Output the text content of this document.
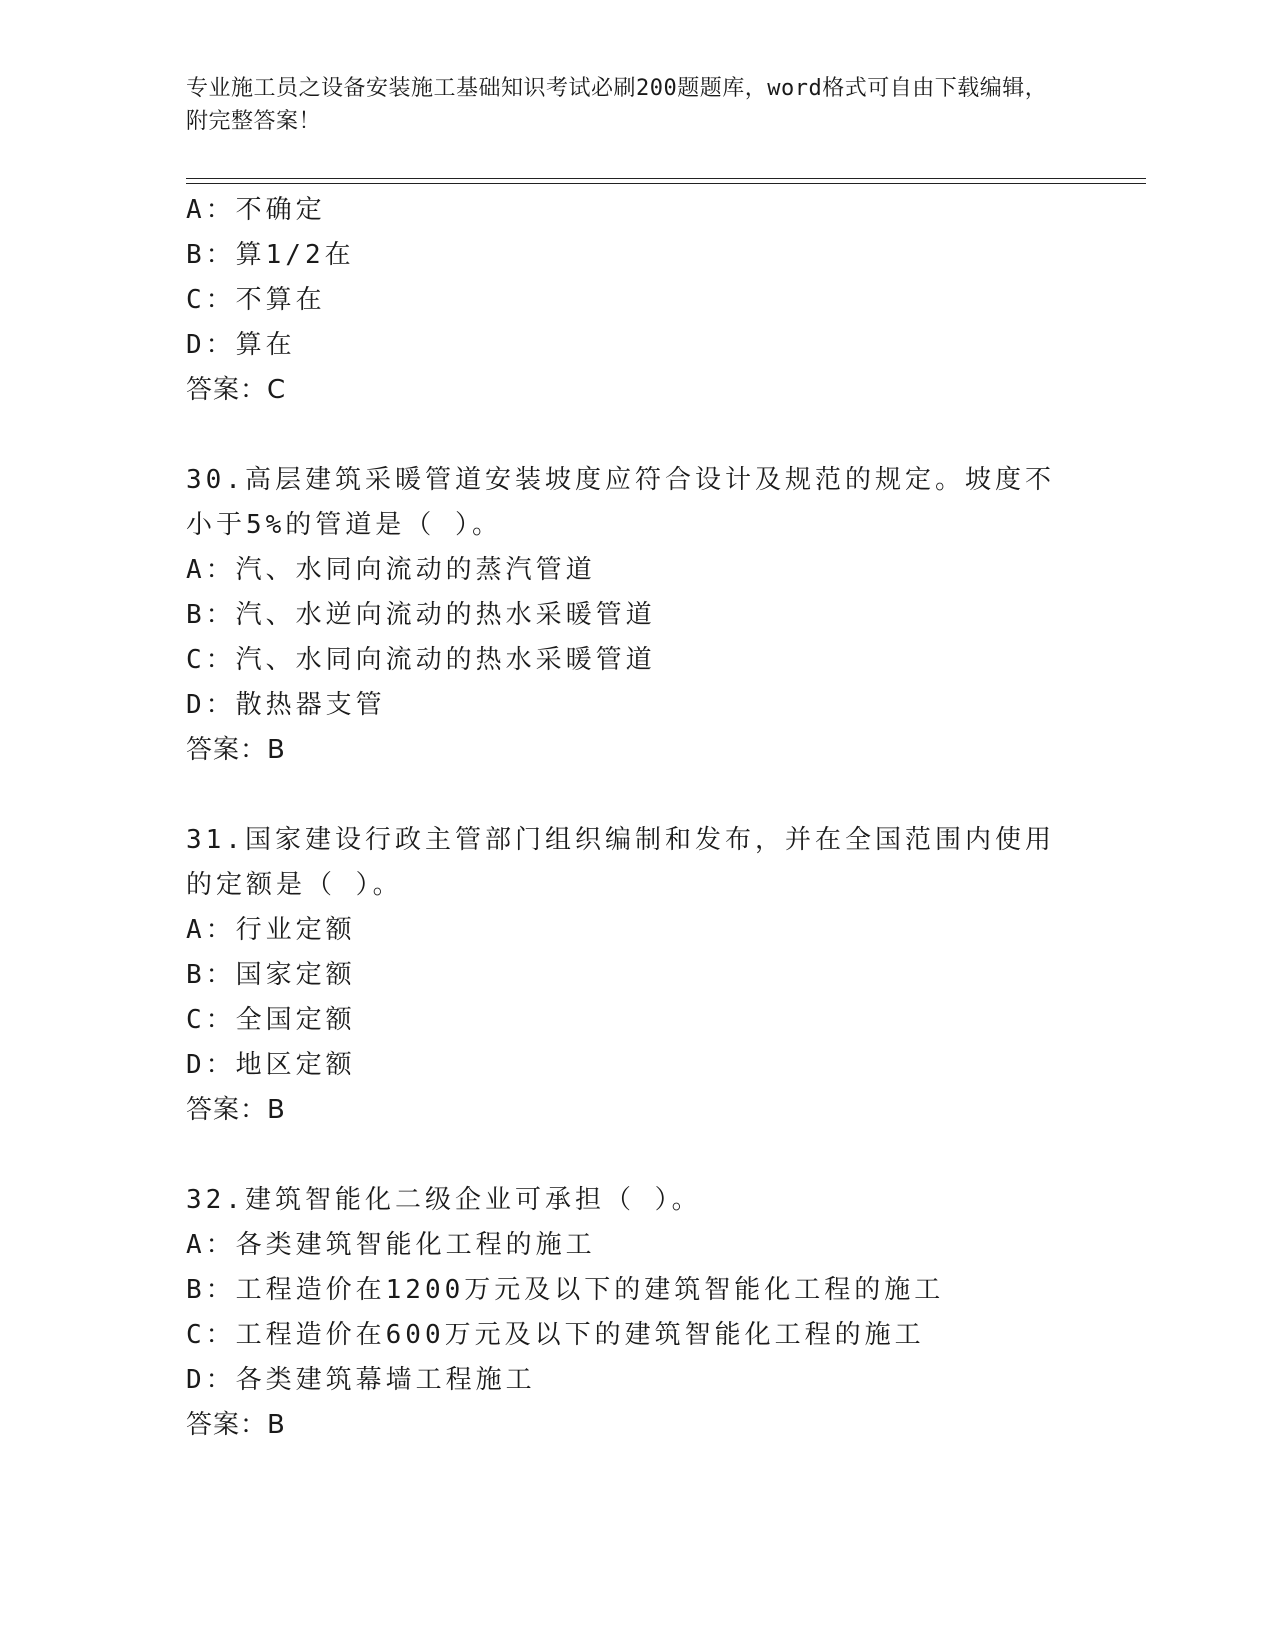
专业施工员之设备安装施工基础知识考试必刷200题题库，word格式可自由下载编辑，附完整答案！

A：不确定
B：算1/2在
C：不算在
D：算在
答案：C
30.高层建筑采暖管道安装坡度应符合设计及规范的规定。坡度不小于5%的管道是（ ）。
A：汽、水同向流动的蒸汽管道
B：汽、水逆向流动的热水采暖管道
C：汽、水同向流动的热水采暖管道
D：散热器支管
答案：B
31.国家建设行政主管部门组织编制和发布，并在全国范围内使用的定额是（ ）。
A：行业定额
B：国家定额
C：全国定额
D：地区定额
答案：B
32.建筑智能化二级企业可承担（ ）。
A：各类建筑智能化工程的施工
B：工程造价在1200万元及以下的建筑智能化工程的施工
C：工程造价在600万元及以下的建筑智能化工程的施工
D：各类建筑幕墙工程施工
答案：B
